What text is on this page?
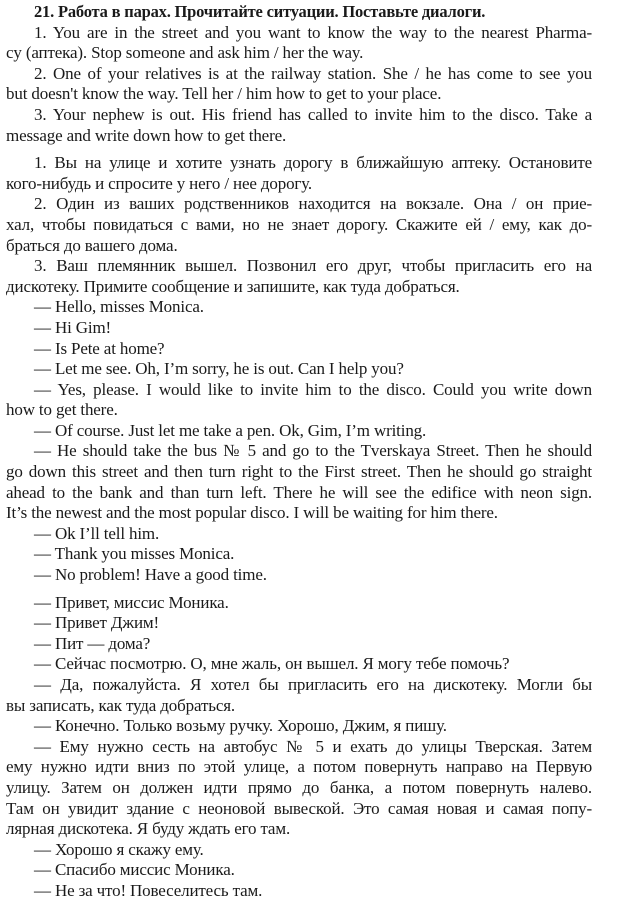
21. Работа в парах. Прочитайте ситуации. Поставьте диалоги.
1. You are in the street and you want to know the way to the nearest Pharma-
cy (аптека). Stop someone and ask him / her the way.
2. One of your relatives is at the railway station. She / he has come to see you
but doesn't know the way. Tell her / him how to get to your place.
3. Your nephew is out. His friend has called to invite him to the disco. Take a
message and write down how to get there.
1. Вы на улице и хотите узнать дорогу в ближайшую аптеку. Остановите
кого-нибудь и спросите у него / нее дорогу.
2. Один из ваших родственников находится на вокзале. Она / он прие-
хал, чтобы повидаться с вами, но не знает дорогу. Скажите ей / ему, как до-
браться до вашего дома.
3. Ваш племянник вышел. Позвонил его друг, чтобы пригласить его на
дискотеку. Примите сообщение и запишите, как туда добраться.
— Hello, misses Monica.
— Hi Gim!
— Is Pete at home?
— Let me see. Oh, I’m sorry, he is out. Can I help you?
— Yes, please. I would like to invite him to the disco. Could you write down
how to get there.
— Of course. Just let me take a pen. Ok, Gim, I’m writing.
— He should take the bus № 5 and go to the Tverskaya Street. Then he should
go down this street and then turn right to the First street. Then he should go straight
ahead to the bank and than turn left. There he will see the edifice with neon sign.
It’s the newest and the most popular disco. I will be waiting for him there.
— Ok I’ll tell him.
— Thank you misses Monica.
— No problem! Have a good time.
— Привет, миссис Моника.
— Привет Джим!
— Пит — дома?
— Сейчас посмотрю. О, мне жаль, он вышел. Я могу тебе помочь?
— Да, пожалуйста. Я хотел бы пригласить его на дискотеку. Могли бы
вы записать, как туда добраться.
— Конечно. Только возьму ручку. Хорошо, Джим, я пишу.
— Ему нужно сесть на автобус № 5 и ехать до улицы Тверская. Затем
ему нужно идти вниз по этой улице, а потом повернуть направо на Первую
улицу. Затем он должен идти прямо до банка, а потом повернуть налево.
Там он увидит здание с неоновой вывеской. Это самая новая и самая попу-
лярная дискотека. Я буду ждать его там.
— Хорошо я скажу ему.
— Спасибо миссис Моника.
— Не за что! Повеселитесь там.
